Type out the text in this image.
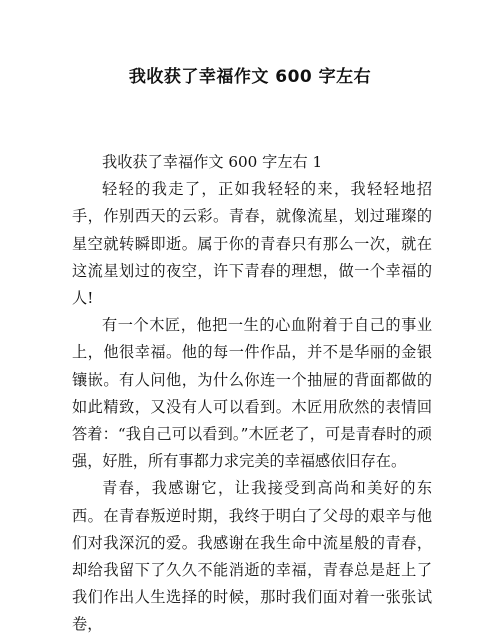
我收获了幸福作文 600 字左右

我收获了幸福作文 600 字左右 1

轻轻的我走了，正如我轻轻的来，我轻轻地招手，作别西天的云彩。青春，就像流星，划过璀璨的星空就转瞬即逝。属于你的青春只有那么一次，就在这流星划过的夜空，许下青春的理想，做一个幸福的人!

有一个木匠，他把一生的心血附着于自己的事业上，他很幸福。他的每一件作品，并不是华丽的金银镶嵌。有人问他，为什么你连一个抽屉的背面都做的如此精致，又没有人可以看到。木匠用欣然的表情回答着：“我自己可以看到。”木匠老了，可是青春时的顽强，好胜，所有事都力求完美的幸福感依旧存在。

青春，我感谢它，让我接受到高尚和美好的东西。在青春叛逆时期，我终于明白了父母的艰辛与他们对我深沉的爱。我感谢在我生命中流星般的青春，却给我留下了久久不能消逝的幸福，青春总是赶上了我们作出人生选择的时候，那时我们面对着一张张试卷，
